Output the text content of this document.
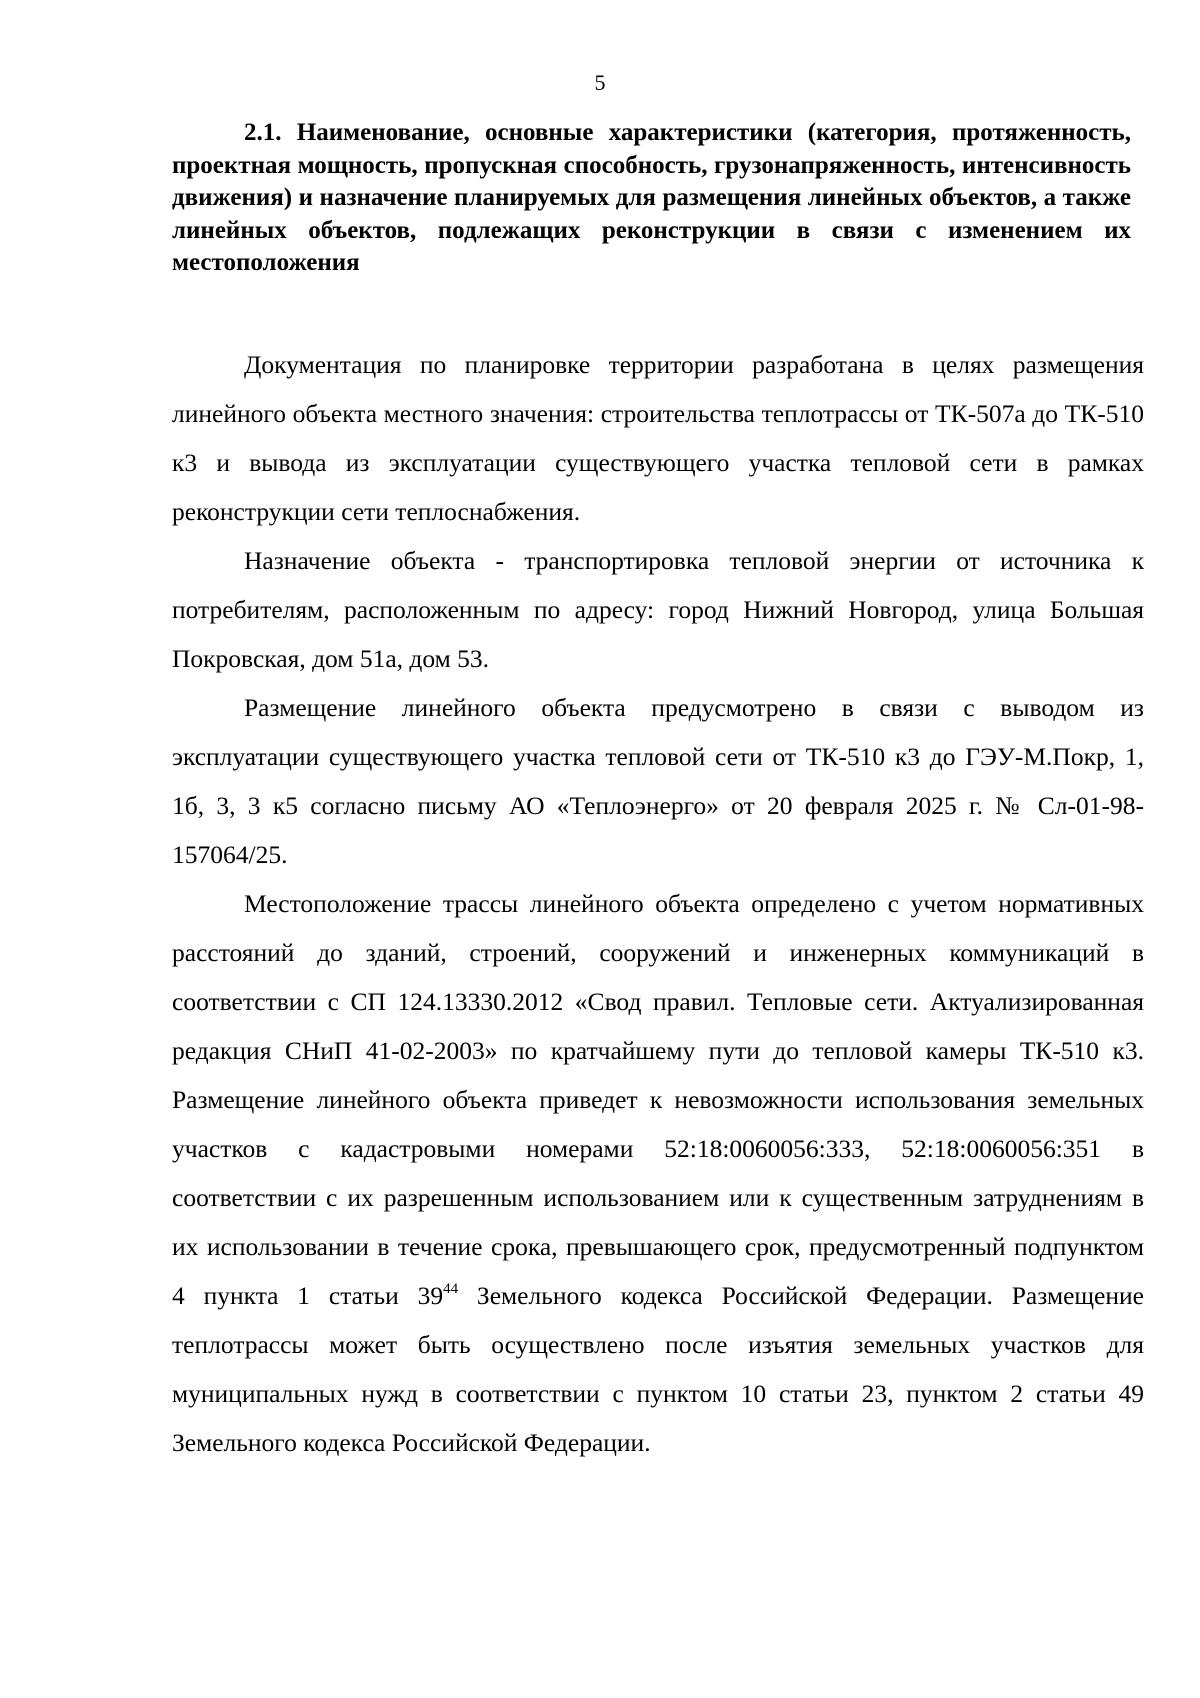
5

2.1. Наименование, основные характеристики (категория, протяженность, проектная мощность, пропускная способность, грузонапряженность, интенсивность движения) и назначение планируемых для размещения линейных объектов, а также линейных объектов, подлежащих реконструкции в связи с изменением их местоположения

Документация по планировке территории разработана в целях размещения линейного объекта местного значения: строительства теплотрассы от ТК-507а до ТК-510 к3 и вывода из эксплуатации существующего участка тепловой сети в рамках реконструкции сети теплоснабжения.

Назначение объекта - транспортировка тепловой энергии от источника к потребителям, расположенным по адресу: город Нижний Новгород, улица Большая Покровская, дом 51а, дом 53.

Размещение линейного объекта предусмотрено в связи с выводом из эксплуатации существующего участка тепловой сети от ТК-510 к3 до ГЭУ-М.Покр, 1, 1б, 3, 3 к5 согласно письму АО «Теплоэнерго» от 20 февраля 2025 г. № Сл-01-98-157064/25.

Местоположение трассы линейного объекта определено с учетом нормативных расстояний до зданий, строений, сооружений и инженерных коммуникаций в соответствии с СП 124.13330.2012 «Свод правил. Тепловые сети. Актуализированная редакция СНиП 41-02-2003» по кратчайшему пути до тепловой камеры ТК-510 к3. Размещение линейного объекта приведет к невозможности использования земельных участков с кадастровыми номерами 52:18:0060056:333, 52:18:0060056:351 в соответствии с их разрешенным использованием или к существенным затруднениям в их использовании в течение срока, превышающего срок, предусмотренный подпунктом 4 пункта 1 статьи $39^{44}$ Земельного кодекса Российской Федерации. Размещение теплотрассы может быть осуществлено после изъятия земельных участков для муниципальных нужд в соответствии с пунктом 10 статьи 23, пунктом 2 статьи 49 Земельного кодекса Российской Федерации.
